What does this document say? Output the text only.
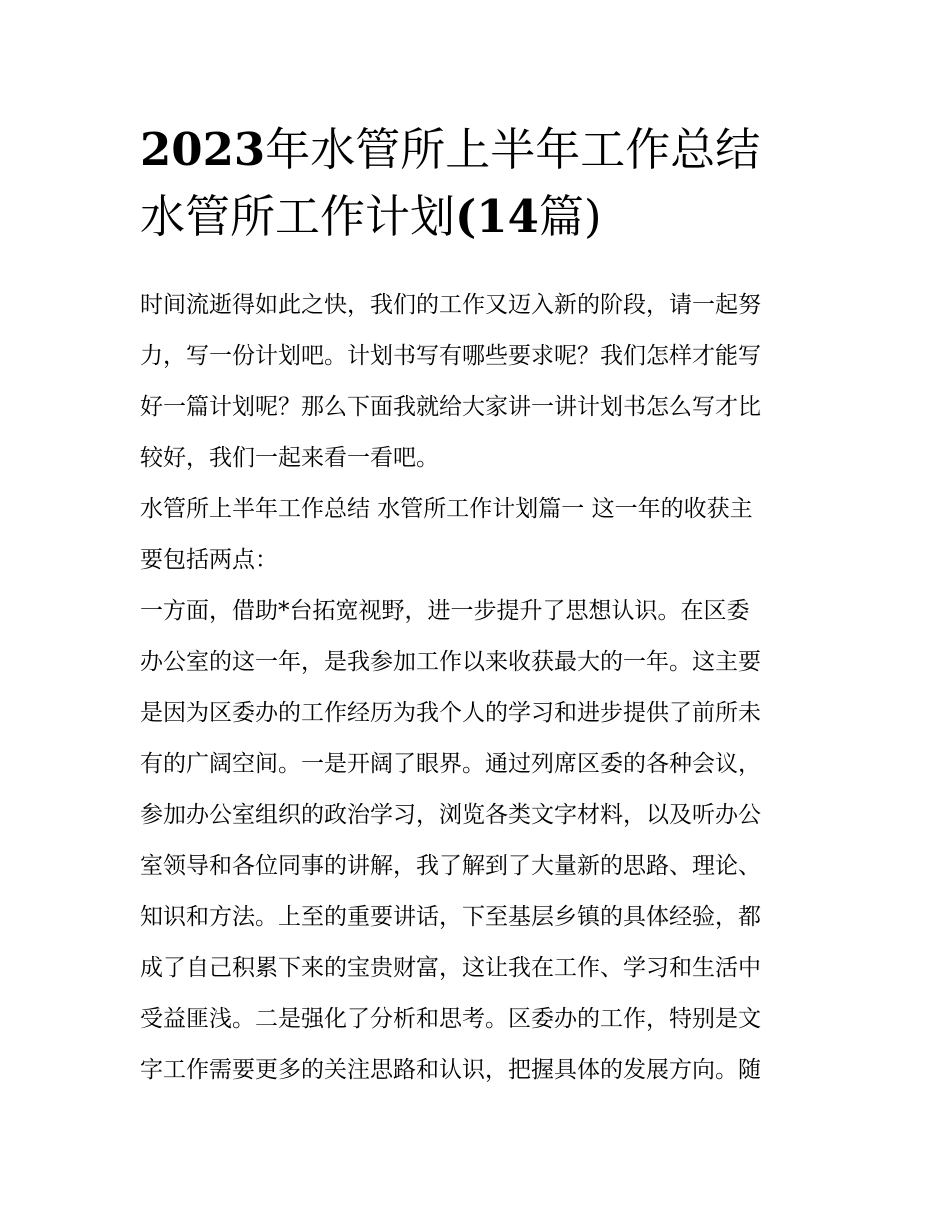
2023年水管所上半年工作总结
水管所工作计划(14篇)

时间流逝得如此之快，我们的工作又迈入新的阶段，请一起努
力，写一份计划吧。计划书写有哪些要求呢？我们怎样才能写
好一篇计划呢？那么下面我就给大家讲一讲计划书怎么写才比
较好，我们一起来看一看吧。

水管所上半年工作总结 水管所工作计划篇一 这一年的收获主
要包括两点：

一方面，借助*台拓宽视野，进一步提升了思想认识。在区委
办公室的这一年，是我参加工作以来收获最大的一年。这主要
是因为区委办的工作经历为我个人的学习和进步提供了前所未
有的广阔空间。一是开阔了眼界。通过列席区委的各种会议，
参加办公室组织的政治学习，浏览各类文字材料，以及听办公
室领导和各位同事的讲解，我了解到了大量新的思路、理论、
知识和方法。上至的重要讲话，下至基层乡镇的具体经验，都
成了自己积累下来的宝贵财富，这让我在工作、学习和生活中
受益匪浅。二是强化了分析和思考。区委办的工作，特别是文
字工作需要更多的关注思路和认识，把握具体的发展方向。随
